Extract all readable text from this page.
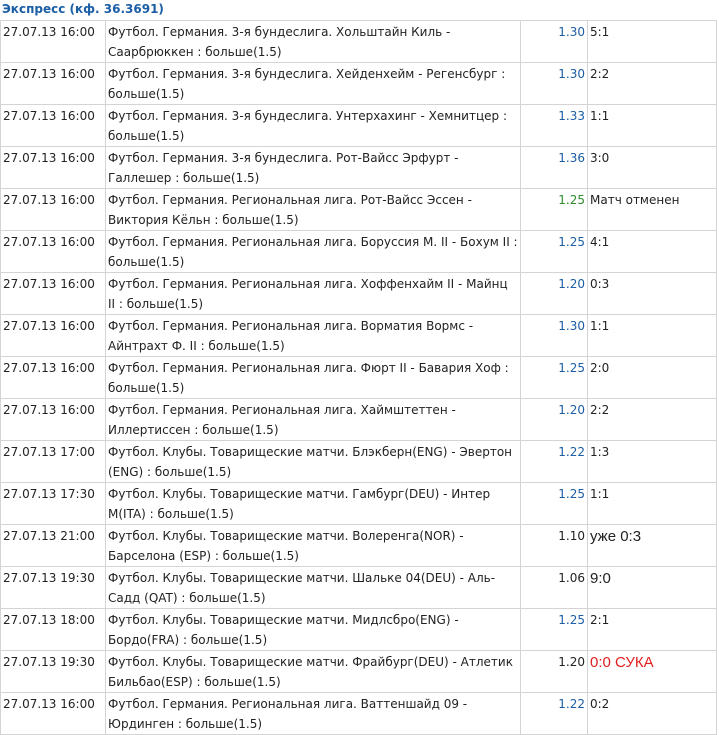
Экспресс (кф. 36.3691)
27.07.13 16:00	Футбол. Германия. 3-я бундеслига. Хольштайн Киль - Саарбрюккен : больше(1.5)	1.30	5:1
27.07.13 16:00	Футбол. Германия. 3-я бундеслига. Хейденхейм - Регенсбург : больше(1.5)	1.30	2:2
27.07.13 16:00	Футбол. Германия. 3-я бундеслига. Унтерхахинг - Хемнитцер : больше(1.5)	1.33	1:1
27.07.13 16:00	Футбол. Германия. 3-я бундеслига. Рот-Вайсс Эрфурт - Галлешер : больше(1.5)	1.36	3:0
27.07.13 16:00	Футбол. Германия. Региональная лига. Рот-Вайсс Эссен - Виктория Кёльн : больше(1.5)	1.25	Матч отменен
27.07.13 16:00	Футбол. Германия. Региональная лига. Боруссия М. II - Бохум II : больше(1.5)	1.25	4:1
27.07.13 16:00	Футбол. Германия. Региональная лига. Хоффенхайм II - Майнц II : больше(1.5)	1.20	0:3
27.07.13 16:00	Футбол. Германия. Региональная лига. Ворматия Вормс - Айнтрахт Ф. II : больше(1.5)	1.30	1:1
27.07.13 16:00	Футбол. Германия. Региональная лига. Фюрт II - Бавария Хоф : больше(1.5)	1.25	2:0
27.07.13 16:00	Футбол. Германия. Региональная лига. Хаймштеттен - Иллертиссен : больше(1.5)	1.20	2:2
27.07.13 17:00	Футбол. Клубы. Товарищеские матчи. Блэкберн(ENG) - Эвертон (ENG) : больше(1.5)	1.22	1:3
27.07.13 17:30	Футбол. Клубы. Товарищеские матчи. Гамбург(DEU) - Интер М(ITA) : больше(1.5)	1.25	1:1
27.07.13 21:00	Футбол. Клубы. Товарищеские матчи. Волеренга(NOR) - Барселона (ESP) : больше(1.5)	1.10	уже 0:3
27.07.13 19:30	Футбол. Клубы. Товарищеские матчи. Шальке 04(DEU) - Аль-Садд (QAT) : больше(1.5)	1.06	9:0
27.07.13 18:00	Футбол. Клубы. Товарищеские матчи. Мидлсбро(ENG) - Бордо(FRA) : больше(1.5)	1.25	2:1
27.07.13 19:30	Футбол. Клубы. Товарищеские матчи. Фрайбург(DEU) - Атлетик Бильбао(ESP) : больше(1.5)	1.20	0:0 СУКА
27.07.13 16:00	Футбол. Германия. Региональная лига. Ваттеншайд 09 - Юрдинген : больше(1.5)	1.22	0:2
